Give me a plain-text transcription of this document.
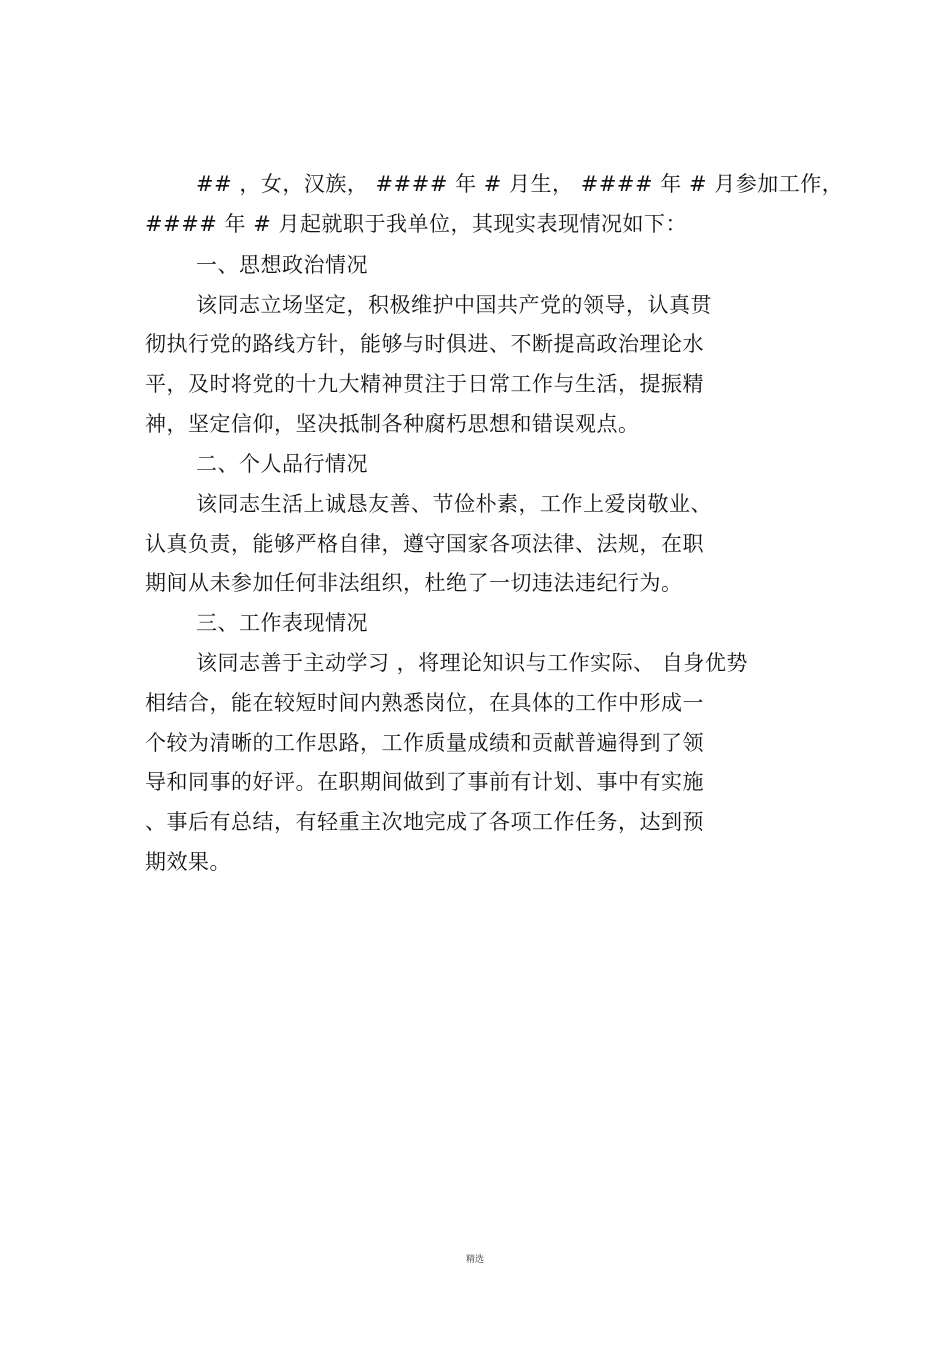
## ，女，汉族， #### 年 # 月生， #### 年 # 月参加工作，
#### 年 # 月起就职于我单位，其现实表现情况如下：
一、思想政治情况
该同志立场坚定，积极维护中国共产党的领导，认真贯
彻执行党的路线方针，能够与时俱进、不断提高政治理论水
平，及时将党的十九大精神贯注于日常工作与生活，提振精
神，坚定信仰，坚决抵制各种腐朽思想和错误观点。
二、个人品行情况
该同志生活上诚恳友善、节俭朴素，工作上爱岗敬业、
认真负责，能够严格自律，遵守国家各项法律、法规，在职
期间从未参加任何非法组织，杜绝了一切违法违纪行为。
三、工作表现情况
该同志善于主动学习 ，将理论知识与工作实际、 自身优势
相结合，能在较短时间内熟悉岗位，在具体的工作中形成一
个较为清晰的工作思路，工作质量成绩和贡献普遍得到了领
导和同事的好评。在职期间做到了事前有计划、事中有实施
、事后有总结，有轻重主次地完成了各项工作任务，达到预
期效果。
精选
